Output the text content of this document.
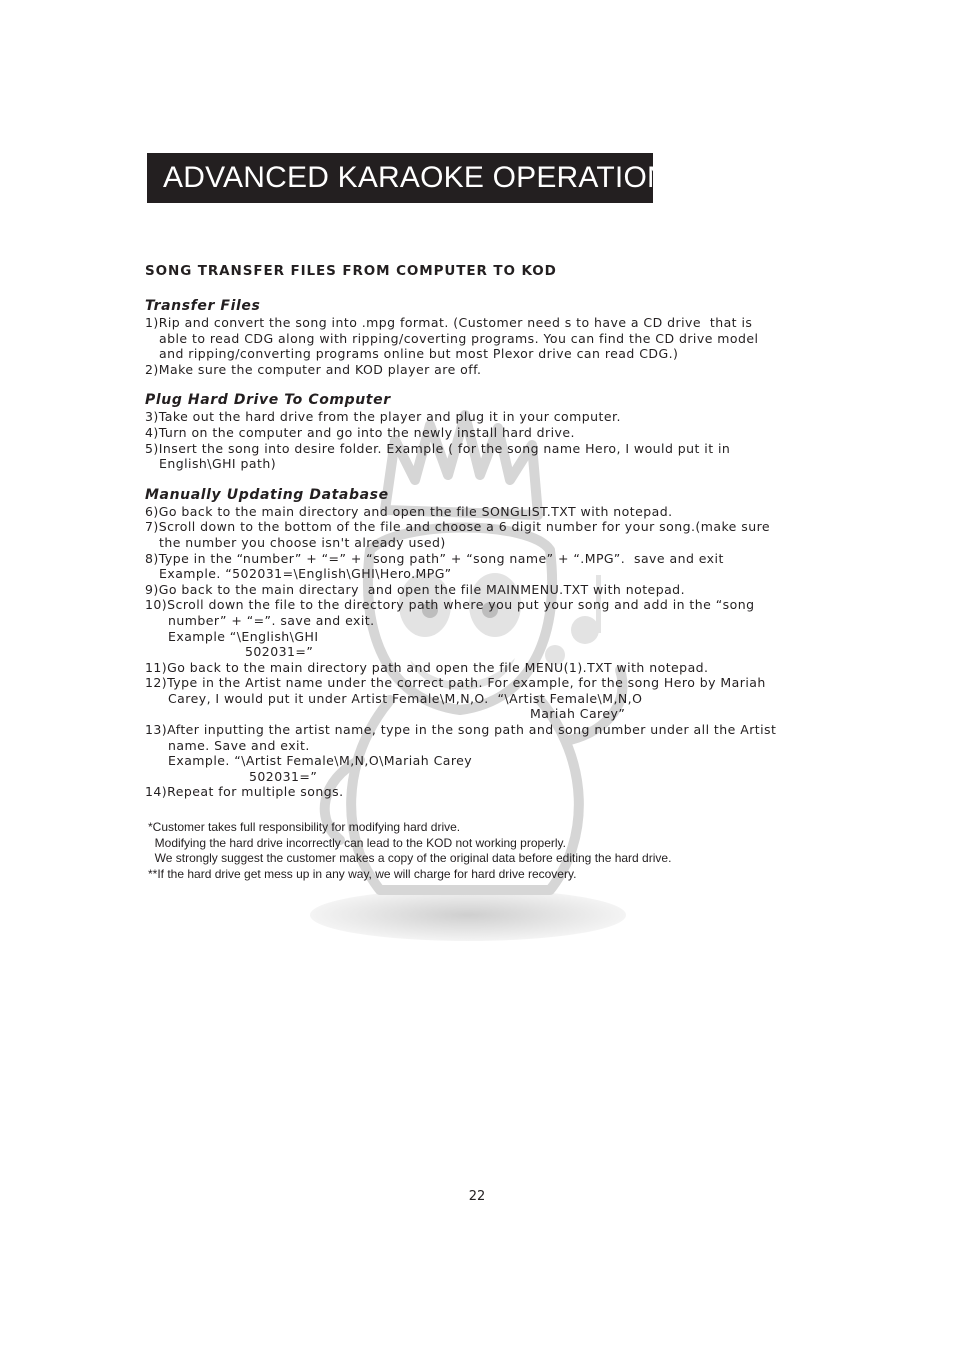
ADVANCED KARAOKE OPERATION

SONG TRANSFER FILES FROM COMPUTER TO KOD

Transfer Files

1)Rip and convert the song into .mpg format. (Customer need s to have a CD drive  that is

able to read CDG along with ripping/coverting programs. You can find the CD drive model

and ripping/converting programs online but most Plexor drive can read CDG.)

2)Make sure the computer and KOD player are off.

Plug Hard Drive To Computer

3)Take out the hard drive from the player and plug it in your computer.

4)Turn on the computer and go into the newly install hard drive.

5)Insert the song into desire folder. Example ( for the song name Hero, I would put it in

English\GHI path)

Manually Updating Database

6)Go back to the main directory and open the file SONGLIST.TXT with notepad.

7)Scroll down to the bottom of the file and choose a 6 digit number for your song.(make sure

the number you choose isn't already used)

8)Type in the “number” + “=” + “song path” + “song name” + “.MPG”.  save and exit

Example. “502031=\English\GHI\Hero.MPG”

9)Go back to the main directary  and open the file MAINMENU.TXT with notepad.

10)Scroll down the file to the directory path where you put your song and add in the “song

number” + “=”. save and exit.

Example “\English\GHI

502031=”

11)Go back to the main directory path and open the file MENU(1).TXT with notepad.

12)Type in the Artist name under the correct path. For example, for the song Hero by Mariah

Carey, I would put it under Artist Female\M,N,O.  “\Artist Female\M,N,O

Mariah Carey”

13)After inputting the artist name, type in the song path and song number under all the Artist

name. Save and exit.

Example. “\Artist Female\M,N,O\Mariah Carey

502031=”

14)Repeat for multiple songs.

*Customer takes full responsibility for modifying hard drive.

Modifying the hard drive incorrectly can lead to the KOD not working properly.

We strongly suggest the customer makes a copy of the original data before editing the hard drive.

**If the hard drive get mess up in any way, we will charge for hard drive recovery.

22
